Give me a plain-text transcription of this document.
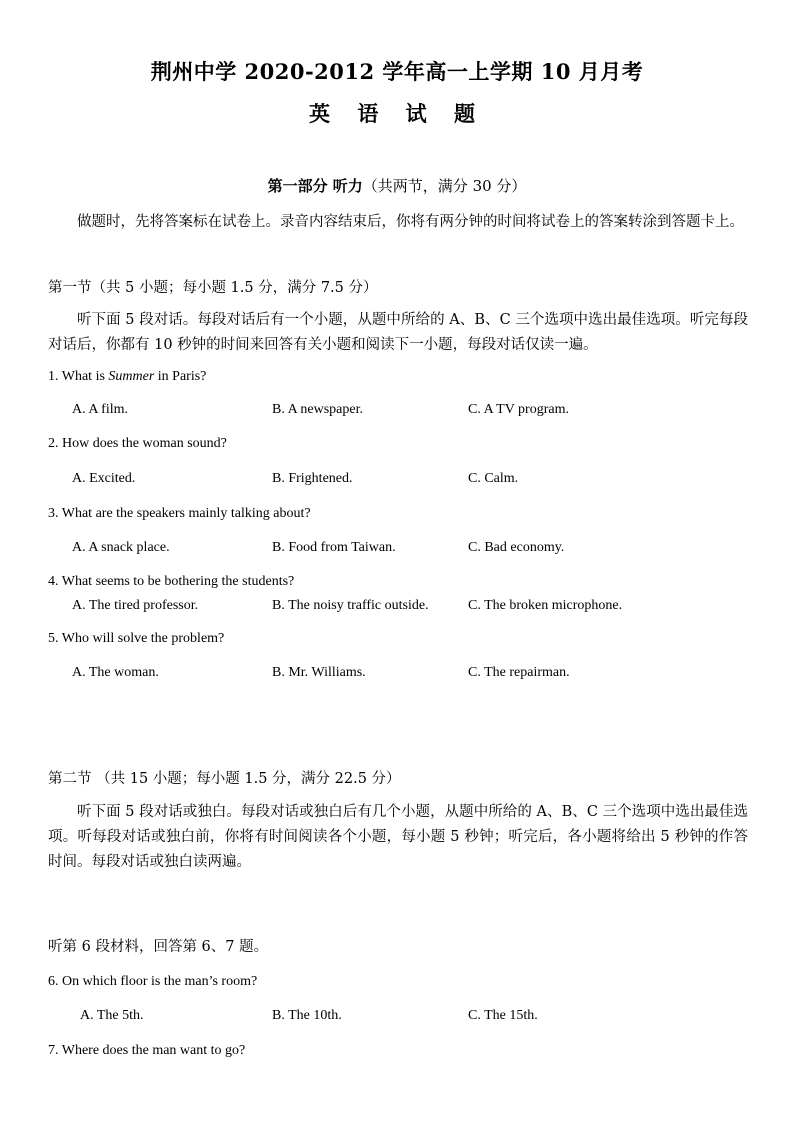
荆州中学 2020-2012 学年高一上学期 10 月月考
英 语 试 题
第一部分 听力（共两节，满分 30 分）
做题时，先将答案标在试卷上。录音内容结束后，你将有两分钟的时间将试卷上的答案转涂到答题卡上。
第一节（共 5 小题；每小题 1.5 分，满分 7.5 分）
听下面 5 段对话。每段对话后有一个小题，从题中所给的 A、B、C 三个选项中选出最佳选项。听完每段对话后，你都有 10 秒钟的时间来回答有关小题和阅读下一小题，每段对话仅读一遍。
1. What is Summer in Paris?
A. A film.	B. A newspaper.	C. A TV program.
2. How does the woman sound?
A. Excited.	B. Frightened.	C. Calm.
3. What are the speakers mainly talking about?
A. A snack place.	B. Food from Taiwan.	C. Bad economy.
4. What seems to be bothering the students?
A. The tired professor.	B. The noisy traffic outside.	C. The broken microphone.
5. Who will solve the problem?
A. The woman.	B. Mr. Williams.	C. The repairman.
第二节 （共 15 小题；每小题 1.5 分，满分 22.5 分）
听下面 5 段对话或独白。每段对话或独白后有几个小题，从题中所给的 A、B、C 三个选项中选出最佳选项。听每段对话或独白前，你将有时间阅读各个小题，每小题 5 秒钟；听完后，各小题将给出 5 秒钟的作答时间。每段对话或独白读两遍。
听第 6 段材料，回答第 6、7 题。
6. On which floor is the man’s room?
A. The 5th.	B. The 10th.	C. The 15th.
7. Where does the man want to go?
